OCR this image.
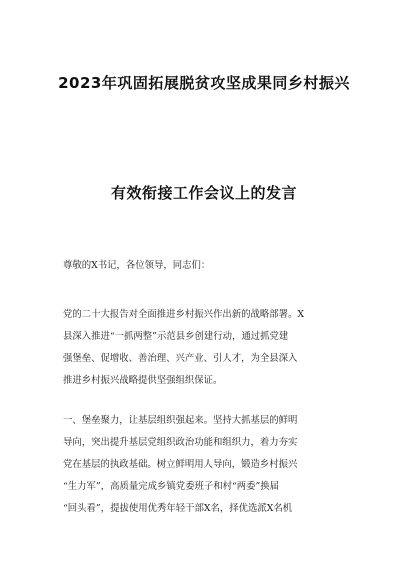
2023年巩固拓展脱贫攻坚成果同乡村振兴
有效衔接工作会议上的发言

尊敬的X书记，各位领导，同志们：

党的二十大报告对全面推进乡村振兴作出新的战略部署。X
县深入推进“一抓两整”示范县乡创建行动，通过抓党建
强堡垒、促增收、善治理、兴产业、引人才，为全县深入
推进乡村振兴战略提供坚强组织保证。

一、堡垒聚力，让基层组织强起来。坚持大抓基层的鲜明
导向，突出提升基层党组织政治功能和组织力，着力夯实
党在基层的执政基础。树立鲜明用人导向，锻造乡村振兴
“生力军”，高质量完成乡镇党委班子和村“两委”换届
“回头看”，提拔使用优秀年轻干部X名，择优选派X名机
